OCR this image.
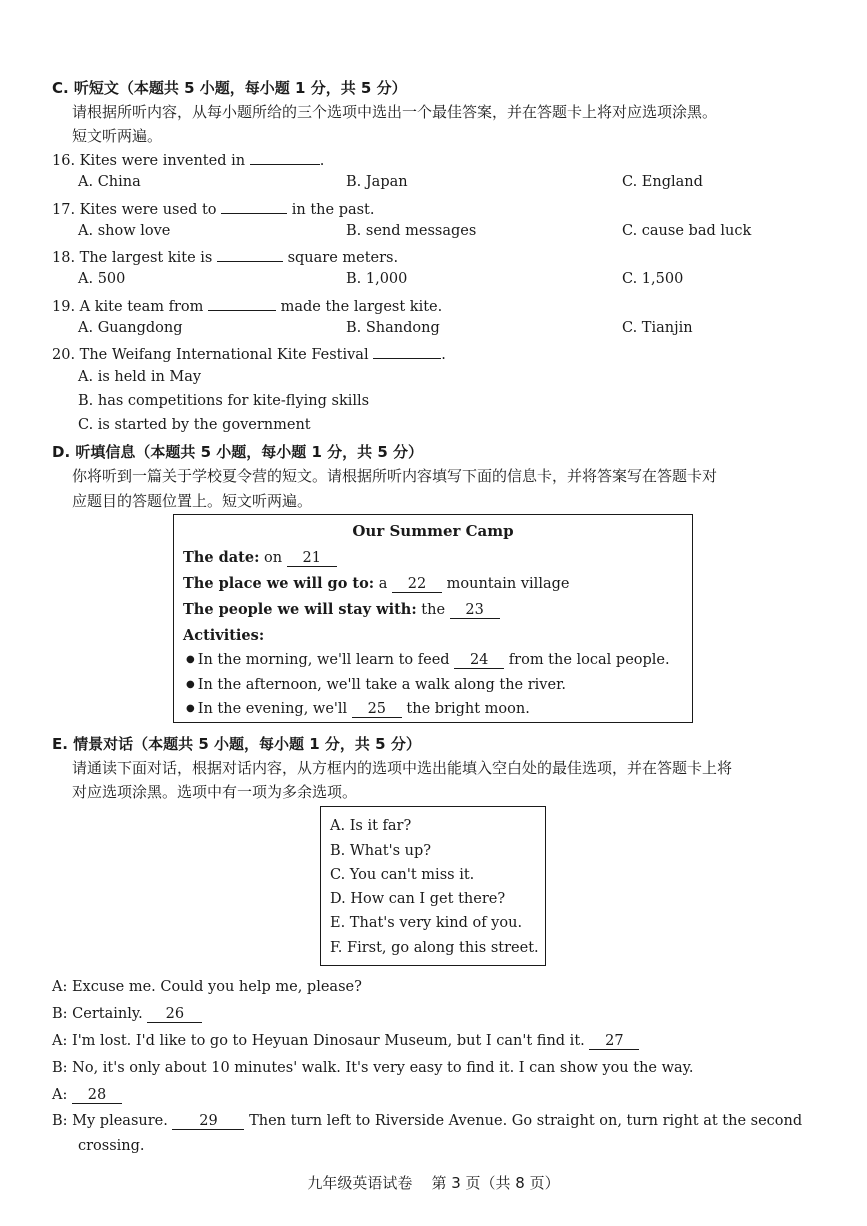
C. 听短文（本题共 5 小题，每小题 1 分，共 5 分）
请根据所听内容，从每小题所给的三个选项中选出一个最佳答案，并在答题卡上将对应选项涂黑。
短文听两遍。
16. Kites were invented in	.
A. China	B. Japan	C. England
17. Kites were used to	in the past.
A. show love	B. send messages	C. cause bad luck
18. The largest kite is	square meters.
A. 500	B. 1,000	C. 1,500
19. A kite team from	made the largest kite.
A. Guangdong	B. Shandong	C. Tianjin
20. The Weifang International Kite Festival	.
A. is held in May
B. has competitions for kite-flying skills
C. is started by the government
D. 听填信息（本题共 5 小题，每小题 1 分，共 5 分）
你将听到一篇关于学校夏令营的短文。请根据所听内容填写下面的信息卡，并将答案写在答题卡对
应题目的答题位置上。短文听两遍。
Our Summer Camp
The date: on 21
The place we will go to: a 22 mountain village
The people we will stay with: the 23
Activities:
● In the morning, we'll learn to feed 24 from the local people.
● In the afternoon, we'll take a walk along the river.
● In the evening, we'll 25 the bright moon.
E. 情景对话（本题共 5 小题，每小题 1 分，共 5 分）
请通读下面对话，根据对话内容，从方框内的选项中选出能填入空白处的最佳选项，并在答题卡上将
对应选项涂黑。选项中有一项为多余选项。
A. Is it far?
B. What's up?
C. You can't miss it.
D. How can I get there?
E. That's very kind of you.
F. First, go along this street.
A: Excuse me. Could you help me, please?
B: Certainly. 26
A: I'm lost. I'd like to go to Heyuan Dinosaur Museum, but I can't find it. 27
B: No, it's only about 10 minutes' walk. It's very easy to find it. I can show you the way.
A: 28
B: My pleasure. 29 Then turn left to Riverside Avenue. Go straight on, turn right at the second
crossing.
九年级英语试卷    第 3 页（共 8 页）
